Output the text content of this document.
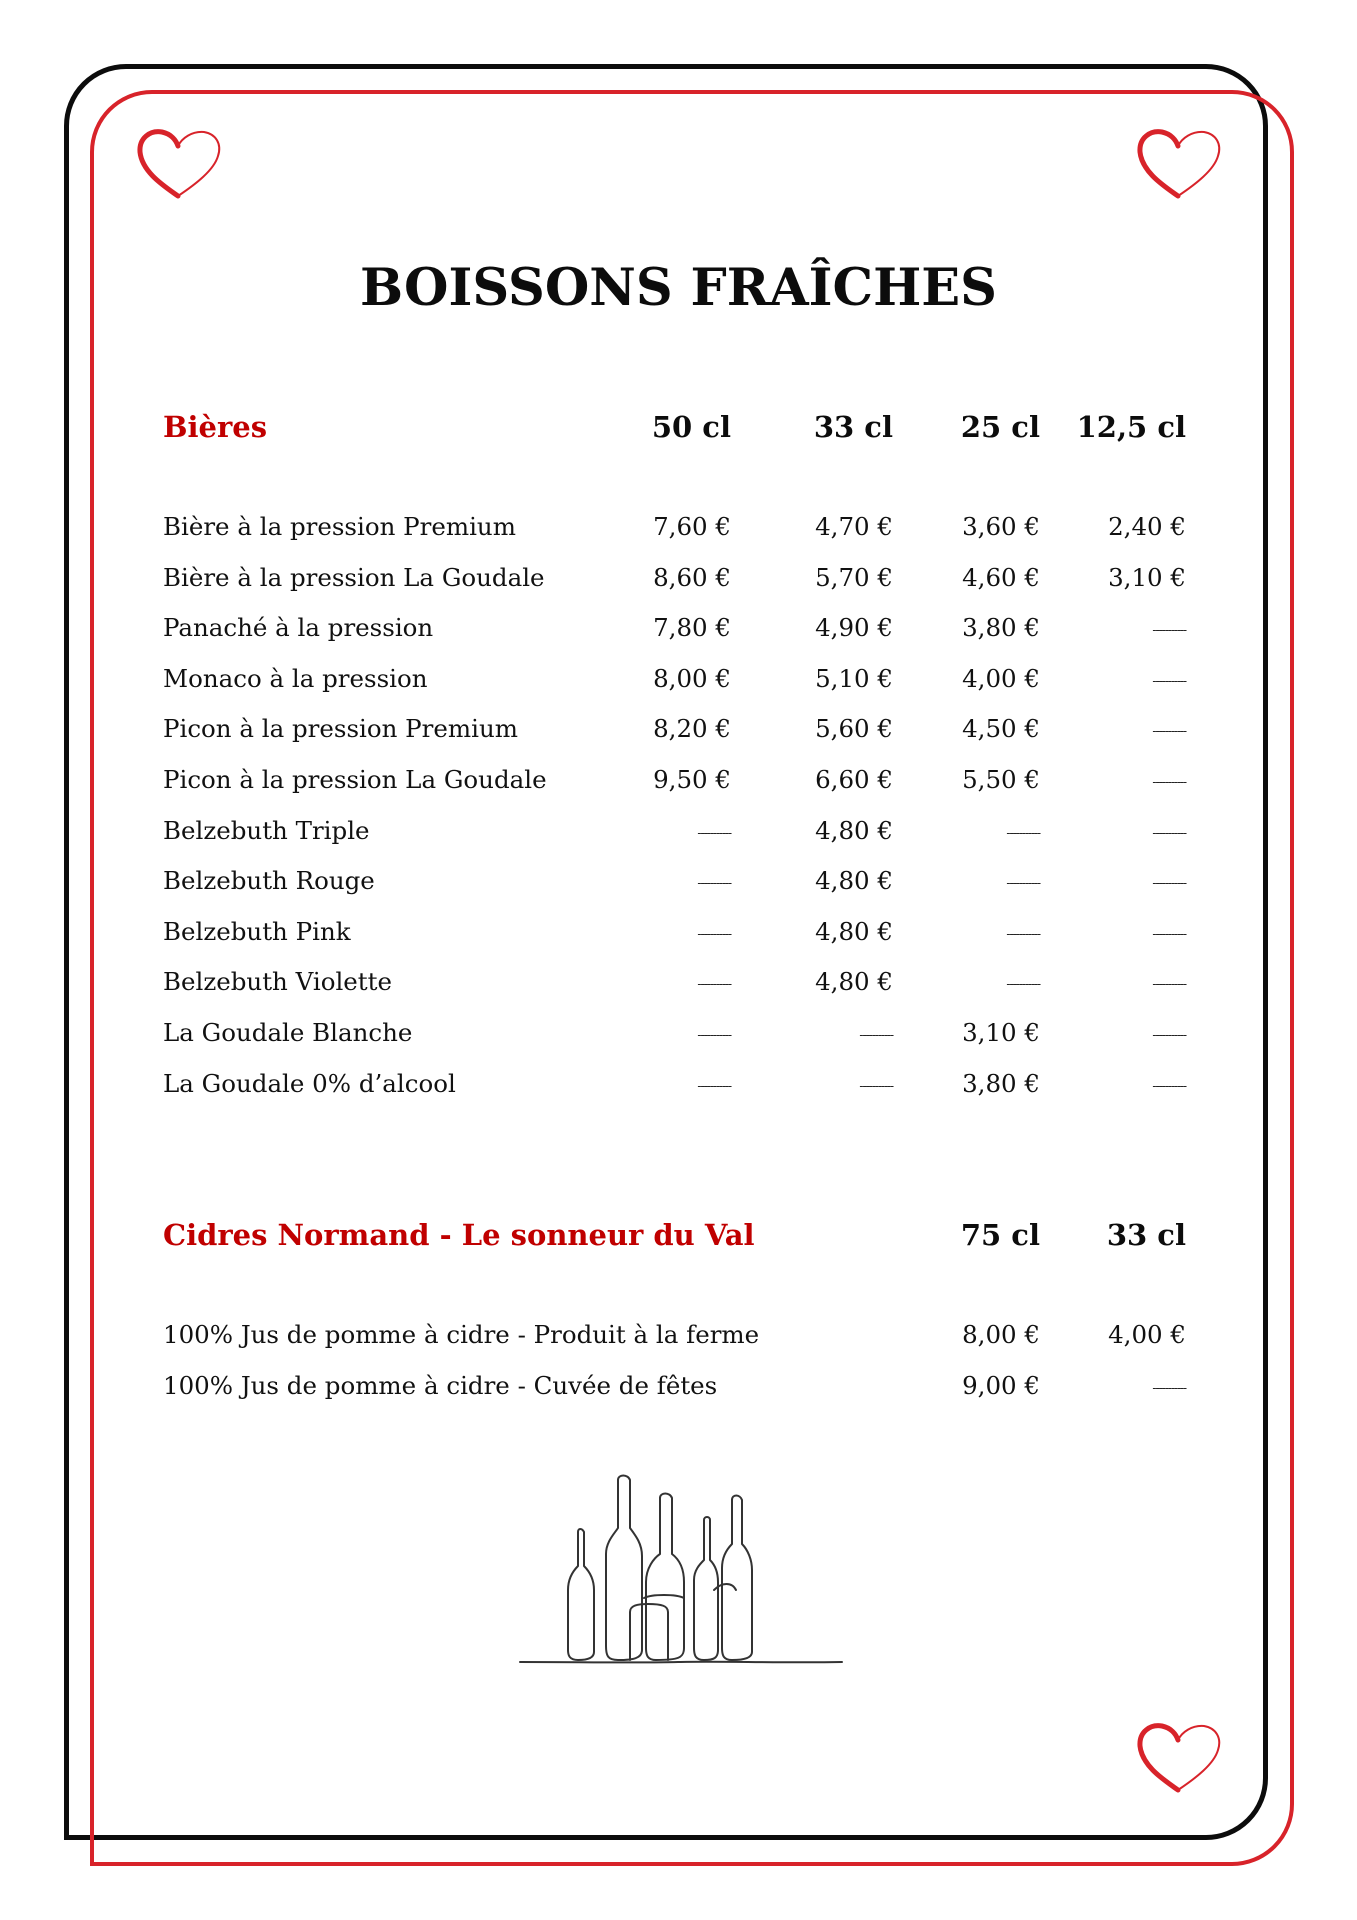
BOISSONS FRAÎCHES
Bières	50 cl	33 cl 25 cl 12,5 cl
Bière à la pression Premium	7,60 €	4,70 €	3,60 €	2,40 €
Bière à la pression La Goudale	8,60 €	5,70 €	4,60 €	3,10 €
Panaché à la pression	7,80 €	4,90 €	3,80 €	-----------
Monaco à la pression	8,00 €	5,10 €	4,00 €	-----------
Picon à la pression Premium	8,20 €	5,60 €	4,50 €	-----------
Picon à la pression La Goudale	9,50 €	6,60 €	5,50 €	-----------
Belzebuth Triple	-----------	4,80 €	-----------	-----------
Belzebuth Rouge	-----------	4,80 €	-----------	-----------
Belzebuth Pink	-----------	4,80 €	-----------	-----------
Belzebuth Violette	-----------	4,80 €	-----------	-----------
La Goudale Blanche	-----------	-----------	3,10 €	-----------
La Goudale 0% d’alcool	-----------	-----------	3,80 €	-----------
Cidres Normand - Le sonneur du Val	75 cl 33 cl
100% Jus de pomme à cidre - Produit à la ferme	8,00 €	4,00 €
100% Jus de pomme à cidre - Cuvée de fêtes	9,00 €	-----------
